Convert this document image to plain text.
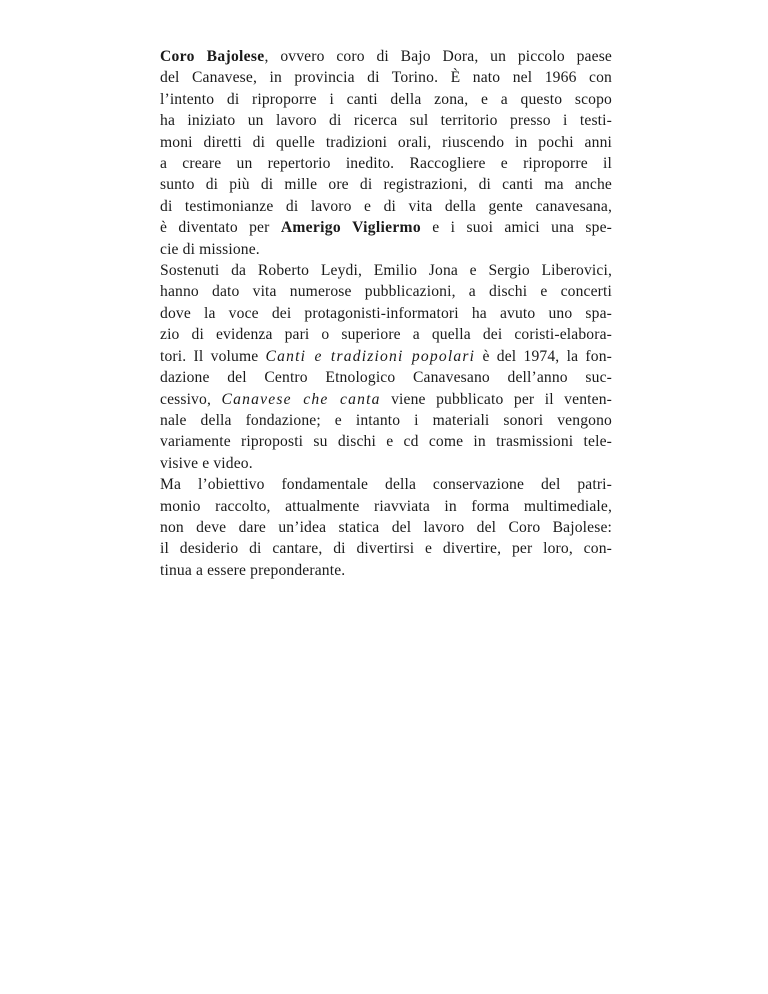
Coro Bajolese, ovvero coro di Bajo Dora, un piccolo paese
del Canavese, in provincia di Torino. È nato nel 1966 con
l’intento di riproporre i canti della zona, e a questo scopo
ha iniziato un lavoro di ricerca sul territorio presso i testi-
moni diretti di quelle tradizioni orali, riuscendo in pochi anni
a creare un repertorio inedito. Raccogliere e riproporre il
sunto di più di mille ore di registrazioni, di canti ma anche
di testimonianze di lavoro e di vita della gente canavesana,
è diventato per Amerigo Vigliermo e i suoi amici una spe-
cie di missione.
Sostenuti da Roberto Leydi, Emilio Jona e Sergio Liberovici,
hanno dato vita numerose pubblicazioni, a dischi e concerti
dove la voce dei protagonisti-informatori ha avuto uno spa-
zio di evidenza pari o superiore a quella dei coristi-elabora-
tori. Il volume Canti e tradizioni popolari è del 1974, la fon-
dazione del Centro Etnologico Canavesano dell’anno suc-
cessivo, Canavese che canta viene pubblicato per il venten-
nale della fondazione; e intanto i materiali sonori vengono
variamente riproposti su dischi e cd come in trasmissioni tele-
visive e video.
Ma l’obiettivo fondamentale della conservazione del patri-
monio raccolto, attualmente riavviata in forma multimediale,
non deve dare un’idea statica del lavoro del Coro Bajolese:
il desiderio di cantare, di divertirsi e divertire, per loro, con-
tinua a essere preponderante.
